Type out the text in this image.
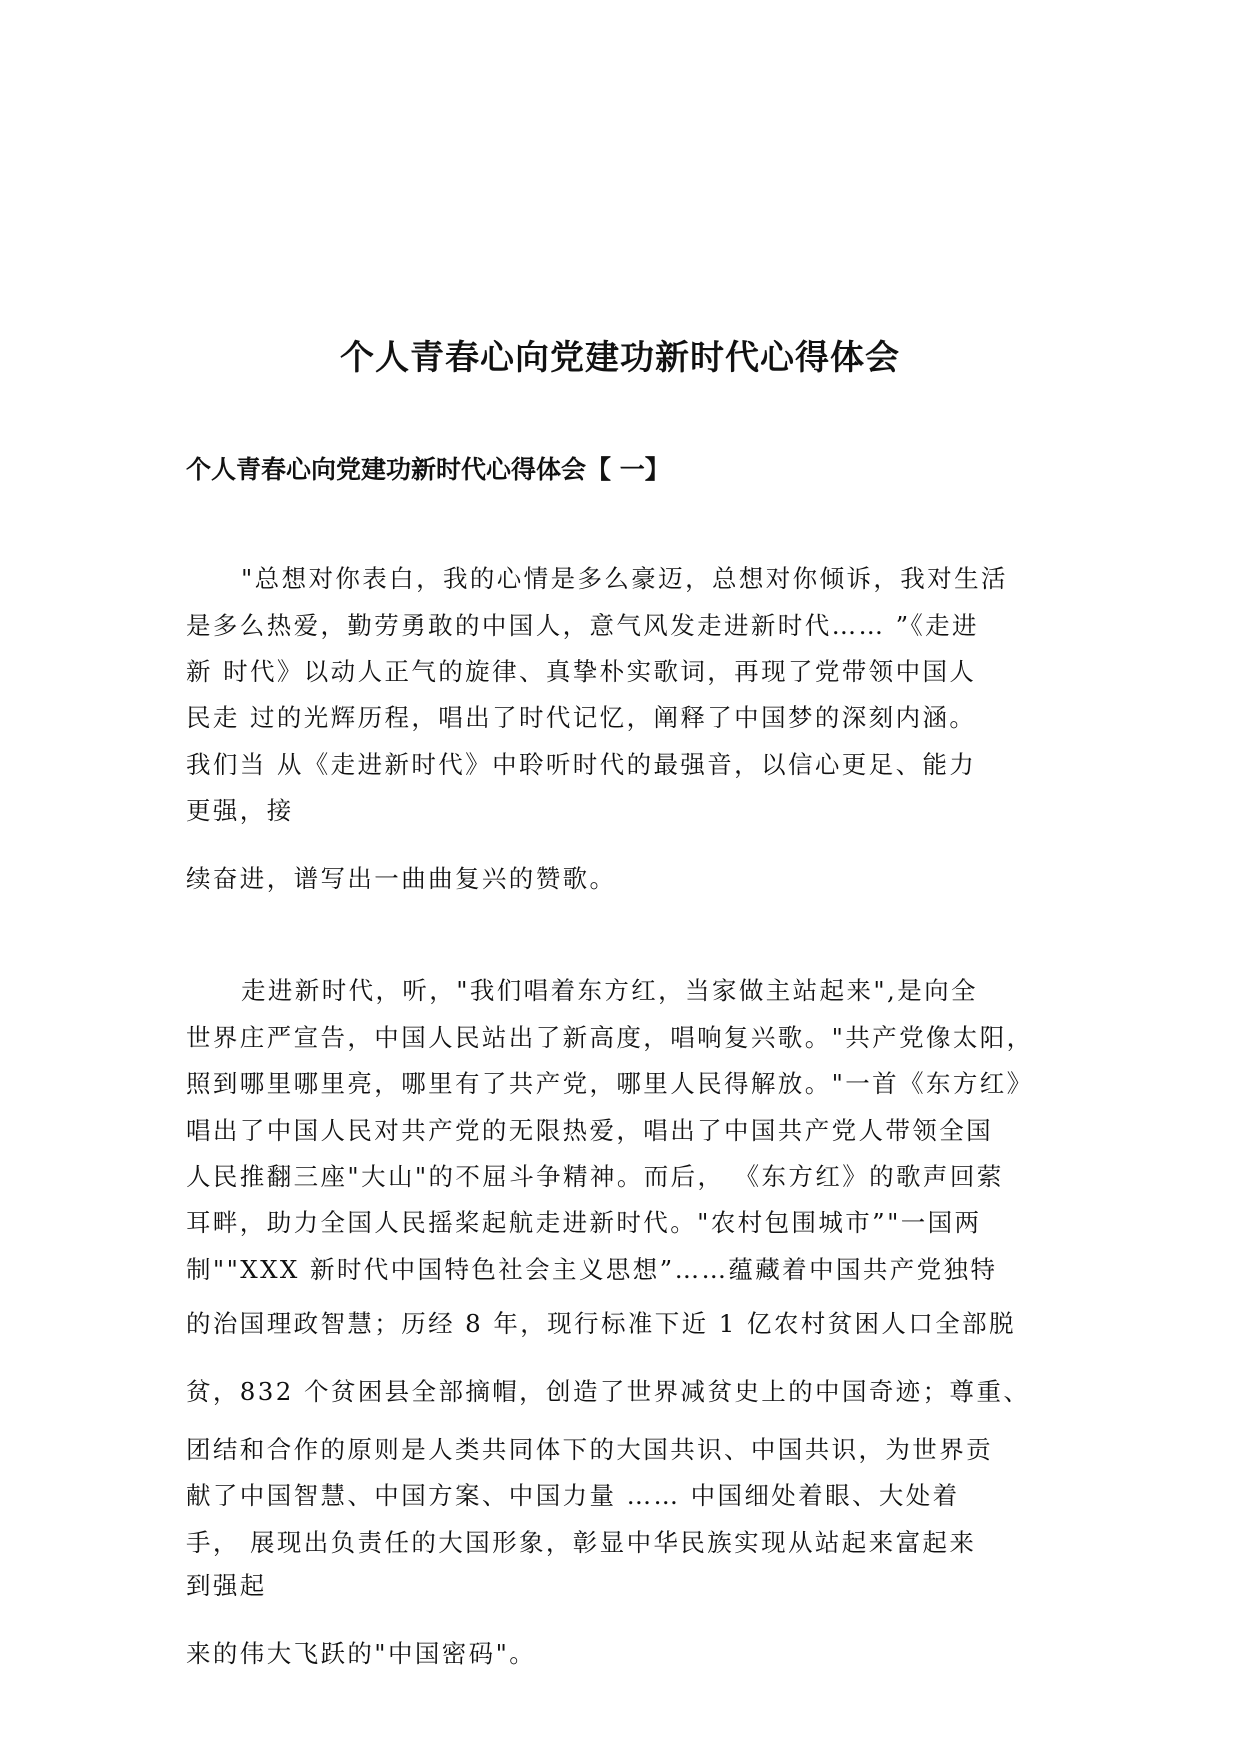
个人青春心向党建功新时代心得体会
个人青春心向党建功新时代心得体会【 一】

"总想对你表白，我的心情是多么豪迈，总想对你倾诉，我对生活

是多么热爱，勤劳勇敢的中国人，意气风发走进新时代…… ”《走进

新 时代》以动人正气的旋律、真挚朴实歌词，再现了党带领中国人

民走 过的光辉历程，唱出了时代记忆，阐释了中国梦的深刻内涵。

我们当 从《走进新时代》中聆听时代的最强音，以信心更足、能力

更强，接

续奋进，谱写出一曲曲复兴的赞歌。

走进新时代，听，"我们唱着东方红，当家做主站起来",是向全

世界庄严宣告，中国人民站出了新高度，唱响复兴歌。"共产党像太阳，

照到哪里哪里亮，哪里有了共产党，哪里人民得解放。"一首《东方红》

唱出了中国人民对共产党的无限热爱，唱出了中国共产党人带领全国

人民推翻三座"大山"的不屈斗争精神。而后， 《东方红》的歌声回萦

耳畔，助力全国人民摇桨起航走进新时代。"农村包围城市”"一国两

制""XXX 新时代中国特色社会主义思想”……蕴藏着中国共产党独特

的治国理政智慧；历经 8 年，现行标准下近 1 亿农村贫困人口全部脱

贫，832 个贫困县全部摘帽，创造了世界减贫史上的中国奇迹；尊重、

团结和合作的原则是人类共同体下的大国共识、中国共识，为世界贡

献了中国智慧、中国方案、中国力量 …… 中国细处着眼、大处着

手， 展现出负责任的大国形象，彰显中华民族实现从站起来富起来

到强起

来的伟大飞跃的"中国密码"。
